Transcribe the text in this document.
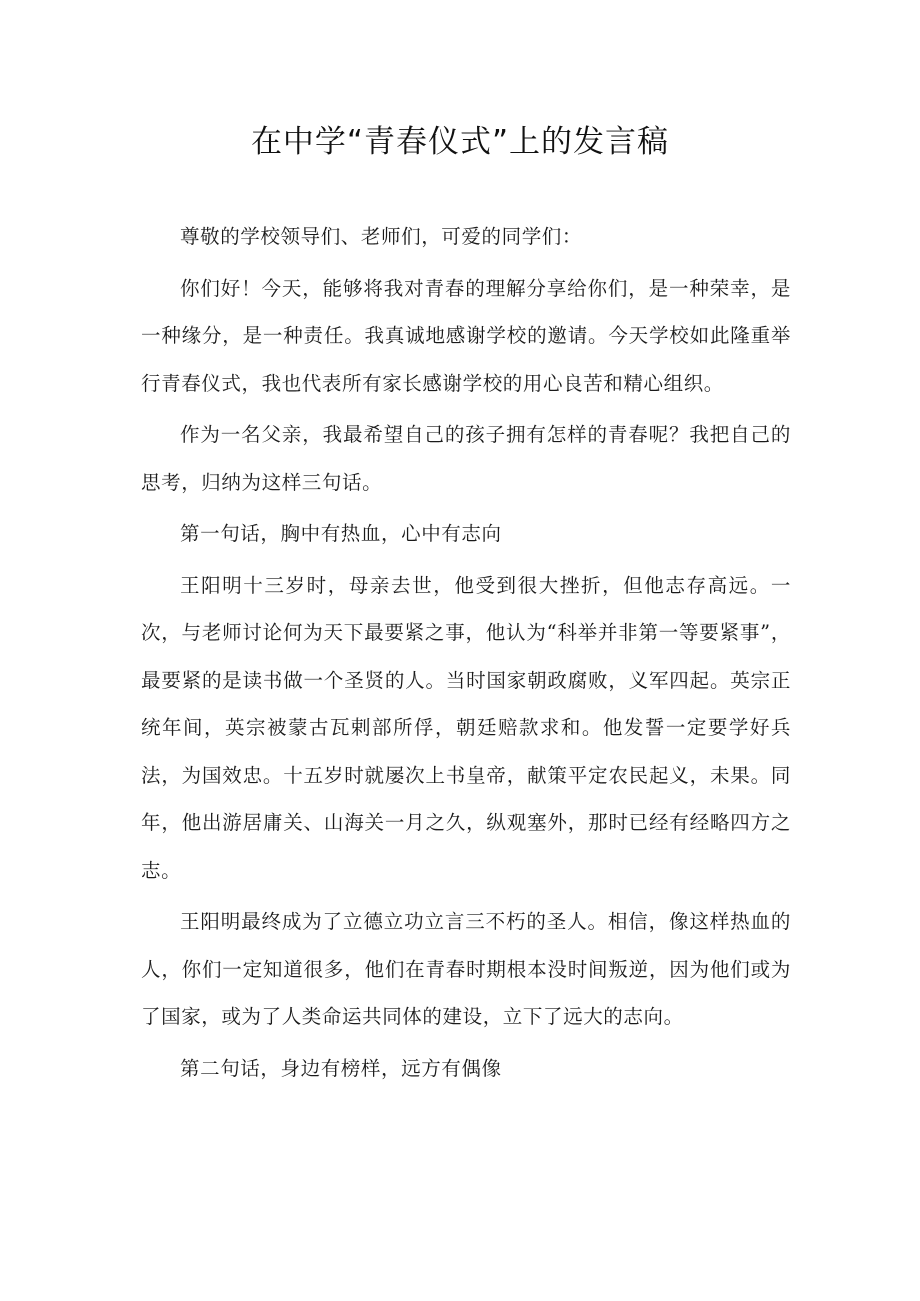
在中学“青春仪式”上的发言稿

尊敬的学校领导们、老师们，可爱的同学们：

你们好！今天，能够将我对青春的理解分享给你们，是一种荣幸，是一种缘分，是一种责任。我真诚地感谢学校的邀请。今天学校如此隆重举行青春仪式，我也代表所有家长感谢学校的用心良苦和精心组织。

作为一名父亲，我最希望自己的孩子拥有怎样的青春呢？我把自己的思考，归纳为这样三句话。

第一句话，胸中有热血，心中有志向

王阳明十三岁时，母亲去世，他受到很大挫折，但他志存高远。一次，与老师讨论何为天下最要紧之事，他认为“科举并非第一等要紧事”，最要紧的是读书做一个圣贤的人。当时国家朝政腐败，义军四起。英宗正统年间，英宗被蒙古瓦剌部所俘，朝廷赔款求和。他发誓一定要学好兵法，为国效忠。十五岁时就屡次上书皇帝，献策平定农民起义，未果。同年，他出游居庸关、山海关一月之久，纵观塞外，那时已经有经略四方之志。

王阳明最终成为了立德立功立言三不朽的圣人。相信，像这样热血的人，你们一定知道很多，他们在青春时期根本没时间叛逆，因为他们或为了国家，或为了人类命运共同体的建设，立下了远大的志向。

第二句话，身边有榜样，远方有偶像
